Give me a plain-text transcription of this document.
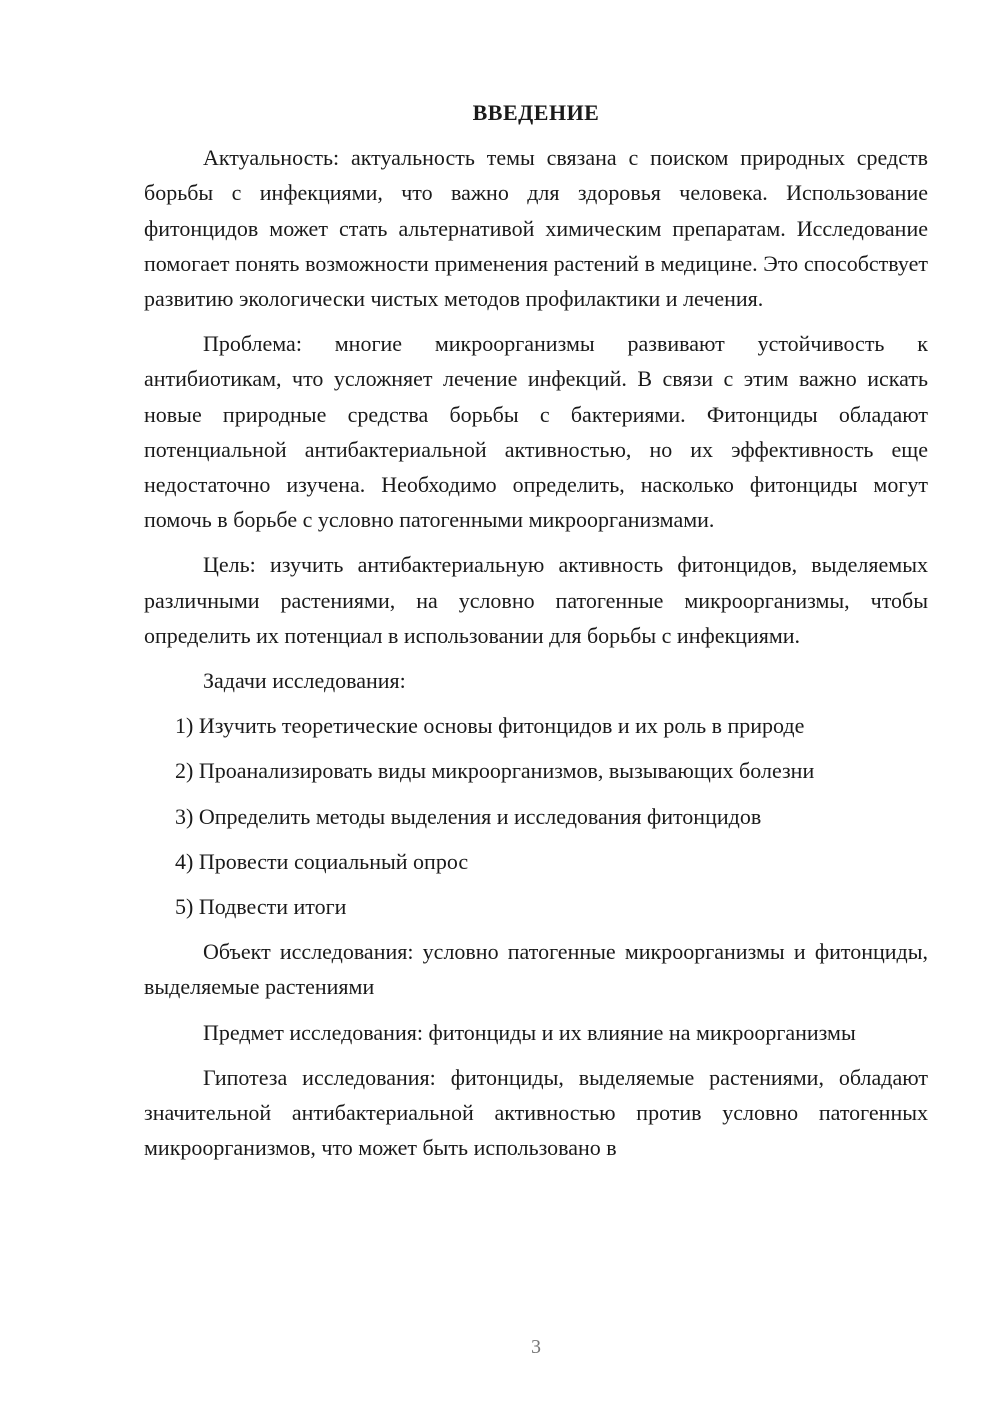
ВВЕДЕНИЕ

Актуальность: актуальность темы связана с поиском природных средств борьбы с инфекциями, что важно для здоровья человека. Использование фитонцидов может стать альтернативой химическим препаратам. Исследование помогает понять возможности применения растений в медицине. Это способствует развитию экологически чистых методов профилактики и лечения.

Проблема: многие микроорганизмы развивают устойчивость к антибиотикам, что усложняет лечение инфекций. В связи с этим важно искать новые природные средства борьбы с бактериями. Фитонциды обладают потенциальной антибактериальной активностью, но их эффективность еще недостаточно изучена. Необходимо определить, насколько фитонциды могут помочь в борьбе с условно патогенными микроорганизмами.

Цель: изучить антибактериальную активность фитонцидов, выделяемых различными растениями, на условно патогенные микроорганизмы, чтобы определить их потенциал в использовании для борьбы с инфекциями.

Задачи исследования:

1) Изучить теоретические основы фитонцидов и их роль в природе
2) Проанализировать виды микроорганизмов, вызывающих болезни
3) Определить методы выделения и исследования фитонцидов
4) Провести социальный опрос
5) Подвести итоги

Объект исследования: условно патогенные микроорганизмы и фитонциды, выделяемые растениями

Предмет исследования: фитонциды и их влияние на микроорганизмы

Гипотеза исследования: фитонциды, выделяемые растениями, обладают значительной антибактериальной активностью против условно патогенных микроорганизмов, что может быть использовано в

3
